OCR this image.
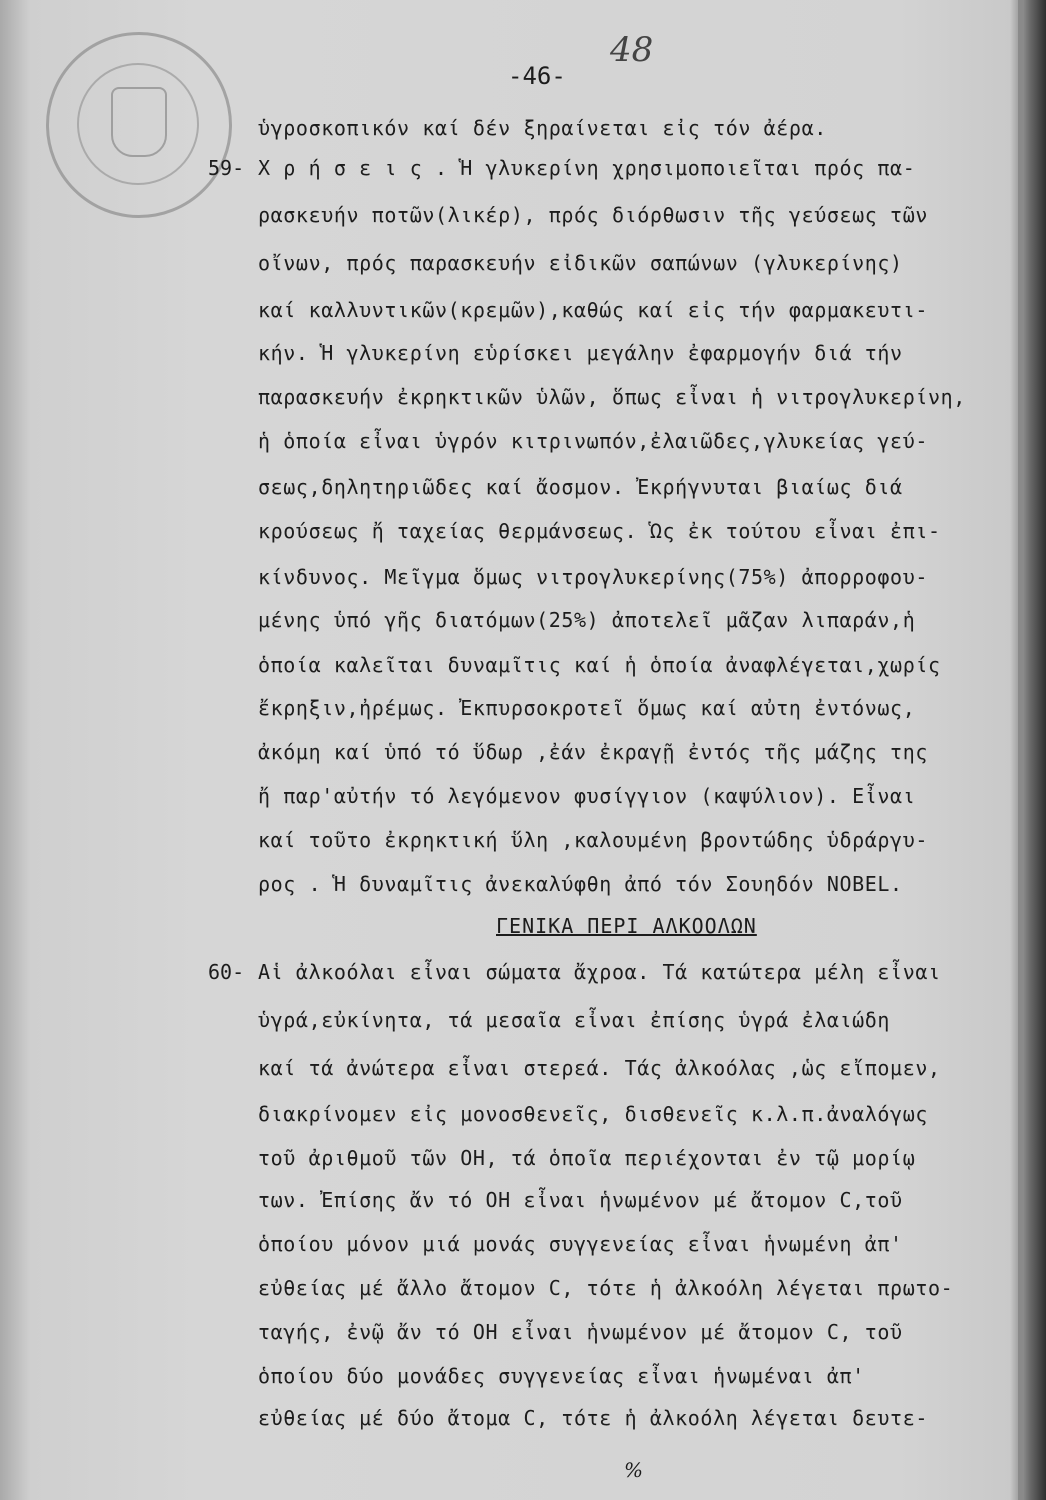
-46-
48
59-
60-
ὑγροσκοπικόν καί δέν ξηραίνεται εἰς τόν ἀέρα.
Χ ρ ή σ ε ι ς . Ἡ γλυκερίνη χρησιμοποιεῖται πρός πα-
ρασκευήν ποτῶν(λικέρ), πρός διόρθωσιν τῆς γεύσεως τῶν
οἴνων, πρός παρασκευήν εἰδικῶν σαπώνων (γλυκερίνης)
καί καλλυντικῶν(κρεμῶν),καθώς καί εἰς τήν φαρμακευτι-
κήν. Ἡ γλυκερίνη εὑρίσκει μεγάλην ἐφαρμογήν διά τήν
παρασκευήν ἐκρηκτικῶν ὑλῶν, ὅπως εἶναι ἡ νιτρογλυκερίνη,
ἡ ὁποία εἶναι ὑγρόν κιτρινωπόν,ἐλαιῶδες,γλυκείας γεύ-
σεως,δηλητηριῶδες καί ἄοσμον. Ἐκρήγνυται βιαίως διά
κρούσεως ἤ ταχείας θερμάνσεως. Ὡς ἐκ τούτου εἶναι ἐπι-
κίνδυνος. Μεῖγμα ὅμως νιτρογλυκερίνης(75%) ἀπορροφου-
μένης ὑπό γῆς διατόμων(25%) ἀποτελεῖ μᾶζαν λιπαράν,ἡ
ὁποία καλεῖται δυναμῖτις καί ἡ ὁποία ἀναφλέγεται,χωρίς
ἔκρηξιν,ἠρέμως. Ἐκπυρσοκροτεῖ ὅμως καί αὐτη ἐντόνως,
ἀκόμη καί ὑπό τό ὕδωρ ,ἐάν ἐκραγῇ ἐντός τῆς μάζης της
ἤ παρ'αὐτήν τό λεγόμενον φυσίγγιον (καψύλιον). Εἶναι
καί τοῦτο ἐκρηκτική ὕλη ,καλουμένη βροντώδης ὑδράργυ-
ρος . Ἡ δυναμῖτις ἀνεκαλύφθη ἀπό τόν Σουηδόν NOBEL.
ΓΕΝΙΚΑ ΠΕΡΙ ΑΛΚΟΟΛΩΝ
Αἱ ἀλκοόλαι εἶναι σώματα ἄχροα. Τά κατώτερα μέλη εἶναι
ὑγρά,εὐκίνητα, τά μεσαῖα εἶναι ἐπίσης ὑγρά ἐλαιώδη
καί τά ἀνώτερα εἶναι στερεά. Τάς ἀλκοόλας ,ὡς εἴπομεν,
διακρίνομεν εἰς μονοσθενεῖς, δισθενεῖς κ.λ.π.ἀναλόγως
τοῦ ἀριθμοῦ τῶν OH, τά ὁποῖα περιέχονται ἐν τῷ μορίῳ
των. Ἐπίσης ἄν τό OH εἶναι ἡνωμένον μέ ἄτομον C,τοῦ
ὁποίου μόνον μιά μονάς συγγενείας εἶναι ἡνωμένη ἀπ'
εὐθείας μέ ἄλλο ἄτομον C, τότε ἡ ἀλκοόλη λέγεται πρωτο-
ταγής, ἐνῷ ἄν τό OH εἶναι ἡνωμένον μέ ἄτομον C, τοῦ
ὁποίου δύο μονάδες συγγενείας εἶναι ἡνωμέναι ἀπ'
εὐθείας μέ δύο ἄτομα C, τότε ἡ ἀλκοόλη λέγεται δευτε-
%
